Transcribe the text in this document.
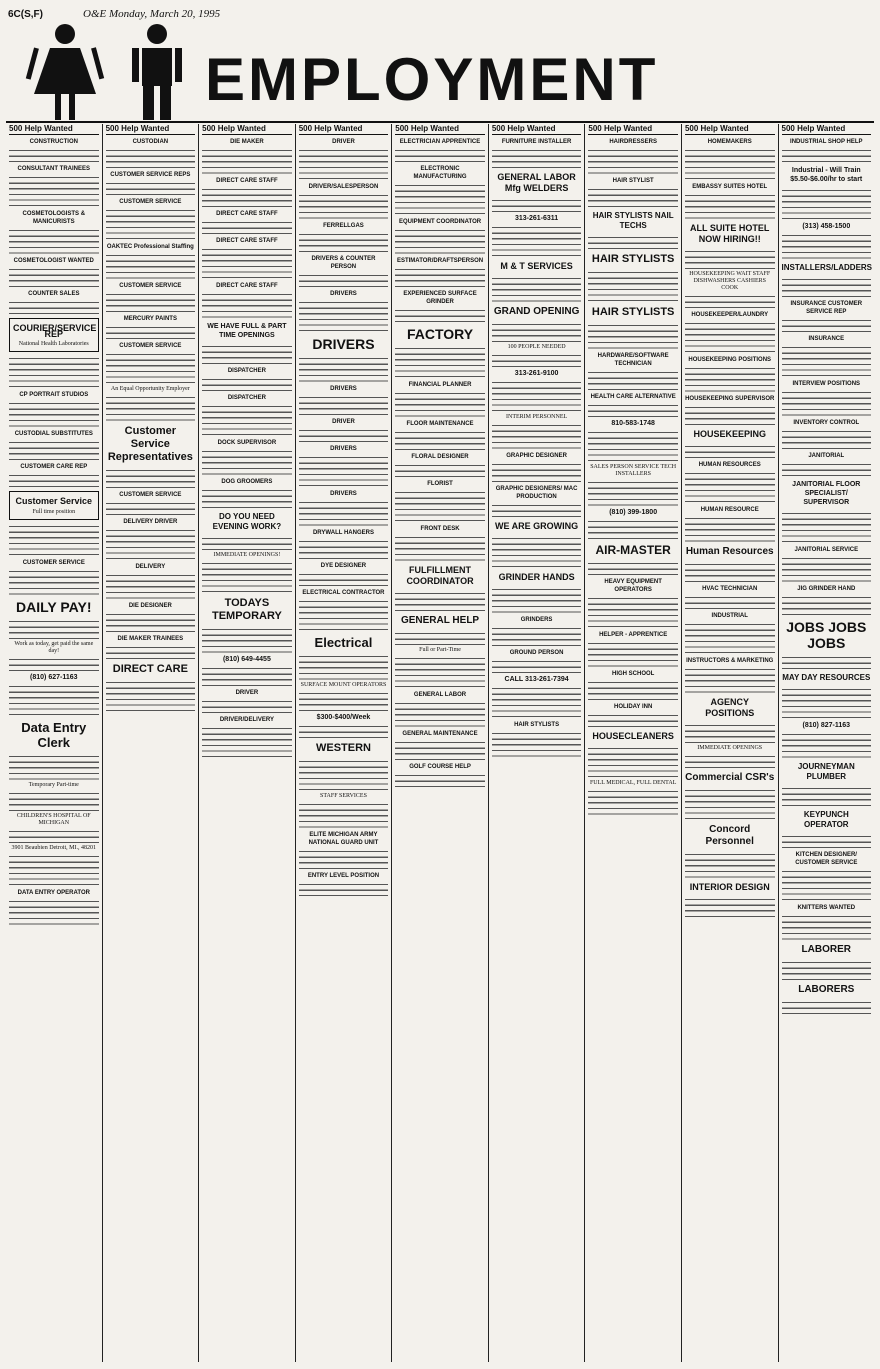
6C(S,F)	O&E Monday, March 20, 1995
EMPLOYMENT
500 Help Wanted
CONSTRUCTION
CONSULTANT TRAINEES
COSMETOLOGISTS & MANICURISTS
COSMETOLOGIST WANTED
COUNTER SALES
COURIER/SERVICE REP
National Health Laboratories
CP PORTRAIT STUDIOS
CUSTODIAL SUBSTITUTES
CUSTOMER CARE REP
Customer Service
Full time position
CUSTOMER SERVICE
DAILY PAY!
Work as today, get paid the same day!
(810) 627-1163
Data Entry Clerk
Temporary Part-time
CHILDREN'S HOSPITAL OF MICHIGAN
3901 Beaubien Detroit, MI., 48201
DATA ENTRY OPERATOR
500 Help Wanted
CUSTODIAN
CUSTOMER SERVICE REPS
CUSTOMER SERVICE
OAKTEC Professional Staffing
CUSTOMER SERVICE
MERCURY PAINTS
CUSTOMER SERVICE
An Equal Opportunity Employer
Customer Service Representatives
CUSTOMER SERVICE
DELIVERY DRIVER
DELIVERY
DIE DESIGNER
DIE MAKER TRAINEES
DIRECT CARE
500 Help Wanted
DIE MAKER
DIRECT CARE STAFF
DIRECT CARE STAFF
DIRECT CARE STAFF
DIRECT CARE STAFF
WE HAVE FULL & PART TIME OPENINGS
DISPATCHER
DISPATCHER
DOCK SUPERVISOR
DOG GROOMERS
DO YOU NEED EVENING WORK?
IMMEDIATE OPENINGS!
TODAYS TEMPORARY
(810) 649-4455
DRIVER
DRIVER/DELIVERY
500 Help Wanted
DRIVER
DRIVER/SALESPERSON
FERRELLGAS
DRIVERS & COUNTER PERSON
DRIVERS
DRIVERS
DRIVERS
DRIVER
DRIVERS
DRIVERS
DRYWALL HANGERS
DYE DESIGNER
ELECTRICAL CONTRACTOR
Electrical
SURFACE MOUNT OPERATORS
$300-$400/Week
WESTERN
STAFF SERVICES
ELITE MICHIGAN ARMY NATIONAL GUARD UNIT
ENTRY LEVEL POSITION
500 Help Wanted
ELECTRICIAN APPRENTICE
ELECTRONIC MANUFACTURING
EQUIPMENT COORDINATOR
ESTIMATOR/DRAFTSPERSON
EXPERIENCED SURFACE GRINDER
FACTORY
FINANCIAL PLANNER
FLOOR MAINTENANCE
FLORAL DESIGNER
FLORIST
FRONT DESK
FULFILLMENT COORDINATOR
GENERAL HELP
Full or Part-Time
GENERAL LABOR
GENERAL MAINTENANCE
GOLF COURSE HELP
500 Help Wanted
FURNITURE INSTALLER
GENERAL LABOR Mfg WELDERS
313-261-6311
M & T SERVICES
GRAND OPENING
100 PEOPLE NEEDED
313-261-9100
INTERIM PERSONNEL
GRAPHIC DESIGNER
GRAPHIC DESIGNERS/ MAC PRODUCTION
WE ARE GROWING
GRINDER HANDS
GRINDERS
GROUND PERSON
CALL 313-261-7394
HAIR STYLISTS
500 Help Wanted
HAIRDRESSERS
HAIR STYLIST
HAIR STYLISTS NAIL TECHS
HAIR STYLISTS
HAIR STYLISTS
HARDWARE/SOFTWARE TECHNICIAN
HEALTH CARE ALTERNATIVE
810-583-1748
SALES PERSON SERVICE TECH INSTALLERS
(810) 399-1800
AIR-MASTER
HEAVY EQUIPMENT OPERATORS
HELPER - APPRENTICE
HIGH SCHOOL
HOLIDAY INN
HOUSECLEANERS
FULL MEDICAL, FULL DENTAL
500 Help Wanted
HOMEMAKERS
EMBASSY SUITES HOTEL
ALL SUITE HOTEL NOW HIRING!!
HOUSEKEEPING WAIT STAFF DISHWASHERS CASHIERS COOK
HOUSEKEEPER/LAUNDRY
HOUSEKEEPING POSITIONS
HOUSEKEEPING SUPERVISOR
HOUSEKEEPING
HUMAN RESOURCES
HUMAN RESOURCE
Human Resources
HVAC TECHNICIAN
INDUSTRIAL
INSTRUCTORS & MARKETING
AGENCY POSITIONS
IMMEDIATE OPENINGS
Commercial CSR's
Concord Personnel
INTERIOR DESIGN
500 Help Wanted
INDUSTRIAL SHOP HELP
Industrial - Will Train $5.50-$6.00/hr to start
(313) 458-1500
INSTALLERS/LADDERS
INSURANCE CUSTOMER SERVICE REP
INSURANCE
INTERVIEW POSITIONS
INVENTORY CONTROL
JANITORIAL
JANITORIAL FLOOR SPECIALIST/ SUPERVISOR
JANITORIAL SERVICE
JIG GRINDER HAND
JOBS JOBS JOBS
MAY DAY RESOURCES
(810) 827-1163
JOURNEYMAN PLUMBER
KEYPUNCH OPERATOR
KITCHEN DESIGNER/ CUSTOMER SERVICE
KNITTERS WANTED
LABORER
LABORERS
